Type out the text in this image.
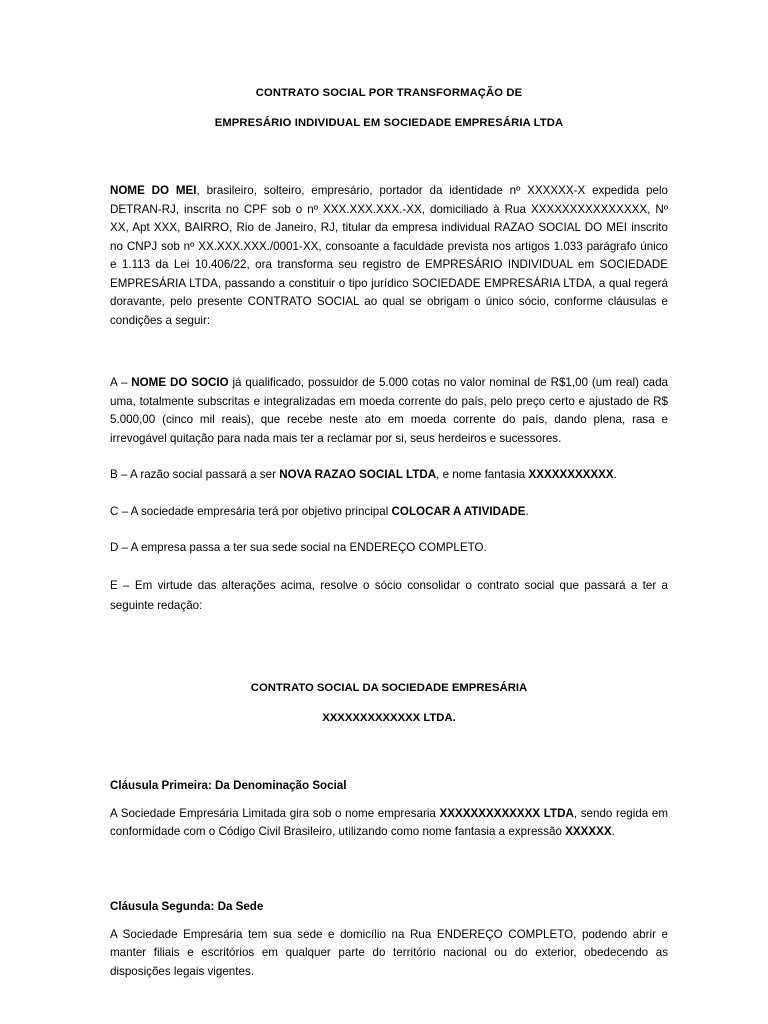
CONTRATO SOCIAL POR TRANSFORMAÇÃO DE
EMPRESÁRIO INDIVIDUAL EM SOCIEDADE EMPRESÁRIA LTDA

NOME DO MEI, brasileiro, solteiro, empresário, portador da identidade nº XXXXXX-X expedida pelo DETRAN-RJ, inscrita no CPF sob o nº XXX.XXX.XXX.-XX, domiciliado à Rua XXXXXXXXXXXXXXX, Nº XX, Apt XXX, BAIRRO, Rio de Janeiro, RJ, titular da empresa individual RAZAO SOCIAL DO MEI inscrito no CNPJ sob nº XX.XXX.XXX./0001-XX, consoante a faculdade prevista nos artigos 1.033 parágrafo único e 1.113 da Lei 10.406/22, ora transforma seu registro de EMPRESÁRIO INDIVIDUAL em SOCIEDADE EMPRESÁRIA LTDA, passando a constituir o tipo jurídico SOCIEDADE EMPRESÁRIA LTDA, a qual regerá doravante, pelo presente CONTRATO SOCIAL ao qual se obrigam o único sócio, conforme cláusulas e condições a seguir:

A – NOME DO SOCIO já qualificado, possuidor de 5.000 cotas no valor nominal de R$1,00 (um real) cada uma, totalmente subscritas e integralizadas em moeda corrente do país, pelo preço certo e ajustado de R$ 5.000,00 (cinco mil reais), que recebe neste ato em moeda corrente do país, dando plena, rasa e irrevogável quitação para nada mais ter a reclamar por si, seus herdeiros e sucessores.

B – A razão social passará a ser NOVA RAZAO SOCIAL LTDA, e nome fantasia XXXXXXXXXXX.

C – A sociedade empresária terá por objetivo principal COLOCAR A ATIVIDADE.

D – A empresa passa a ter sua sede social na ENDEREÇO COMPLETO.

E – Em virtude das alterações acima, resolve o sócio consolidar o contrato social que passará a ter a seguinte redação:

CONTRATO SOCIAL DA SOCIEDADE EMPRESÁRIA
XXXXXXXXXXXXX LTDA.

Cláusula Primeira: Da Denominação Social

A Sociedade Empresária Limitada gira sob o nome empresaria XXXXXXXXXXXXX LTDA, sendo regida em conformidade com o Código Civil Brasileiro, utilizando como nome fantasia a expressão XXXXXX.

Cláusula Segunda: Da Sede

A Sociedade Empresária tem sua sede e domicílio na Rua ENDEREÇO COMPLETO, podendo abrir e manter filiais e escritórios em qualquer parte do território nacional ou do exterior, obedecendo as disposições legais vigentes.
